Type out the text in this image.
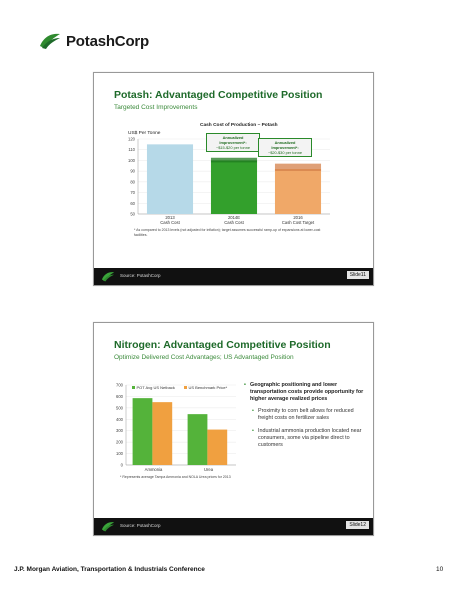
PotashCorp
Potash: Advantaged Competitive Position
Targeted Cost Improvements
Cash Cost of Production – Potash
US$ Per Tonne
50
60
70
80
90
100
110
120
2013
Cash Cost
2014E
Cash Cost
2016
Cash Cost Target
Annualized
Improvement*:
~$15-$20 per tonne
Annualized
Improvement*:
~$20-$30 per tonne
* As compared to 2013 levels (not adjusted for inflation); target assumes successful ramp-up of expansions at lower-cost facilities.
Source: PotashCorp	Slide11
Nitrogen: Advantaged Competitive Position
Optimize Delivered Cost Advantages; US Advantaged Position
0
100
200
300
400
500
600
700
Ammonia	Urea
POT Avg US Netback	US Benchmark Price*
* Represents average Tampa Ammonia and NOLA Urea prices for 2013
• Geographic positioning and lower transportation costs provide opportunity for higher average realized prices
• Proximity to corn belt allows for reduced freight costs on fertilizer sales
• Industrial ammonia production located near consumers, some via pipeline direct to customers
Source: PotashCorp	Slide12
J.P. Morgan Aviation, Transportation & Industrials Conference	10
